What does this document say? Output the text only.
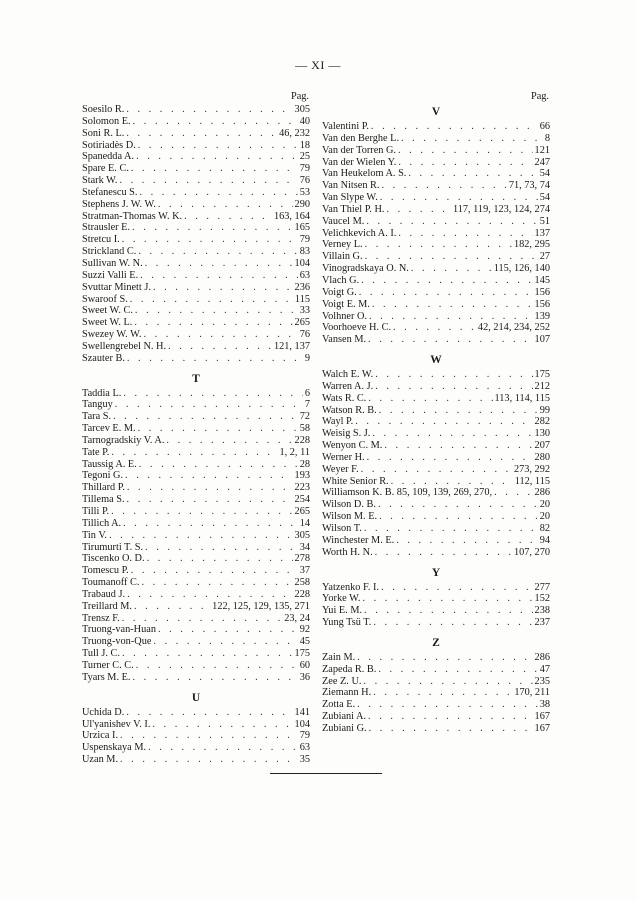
— XI —
Pag.
Soesilo R. . . .	305
Solomon E. . . .	40
Soni R. L. . . .	46, 232
Sotiriadès D. . . .	18
Spanedda A. . . .	25
Spare E. C. . . .	79
Stark W. . . .	76
Stefanescu S. . . .	53
Stephens J. W. W. . . .	290
Stratman-Thomas W. K. . . .	163, 164
Strausler E. . . .	165
Stretcu I. . . .	79
Strickland C. . . .	83
Sullivan W. N. . . .	104
Suzzi Valli E. . . .	63
Svuttar Minett J. . . .	236
Swaroof S. . . .	115
Sweet W. C. . . .	33
Sweet W. L. . . .	265
Swezey W. W. . . .	76
Swellengrebel N. H. . . .	121, 137
Szauter B. . . .	9
T
Taddia L. . . .	6
Tanguy . . .	7
Tara S. . . .	72
Tarcev E. M. . . .	58
Tarnogradskiy V. A. . . .	228
Tate P. . . .	1, 2, 11
Taussig A. E. . . .	28
Tegoni G. . . .	193
Thillard P. . . .	223
Tillema S. . . .	254
Tilli P. . . .	265
Tillich A. . . .	14
Tin V. . . .	305
Tirumurti T. S. . . .	34
Tiscenko O. D. . . .	278
Tomescu P. . . .	37
Toumanoff C. . . .	258
Trabaud J. . . .	228
Treillard M. . . .	122, 125, 129, 135, 271
Trensz F. . . .	23, 24
Truong-van-Huan . . .	92
Truong-von-Que . . .	45
Tull J. C. . . .	175
Turner C. C. . . .	60
Tyars M. E. . . .	36
U
Uchida D. . . .	141
Ul'yanishev V. I. . . .	104
Urzica I. . . .	79
Uspenskaya M. . . .	63
Uzan M. . . .	35
Pag.
V
Valentini P. . . .	66
Van den Berghe L. . . .	8
Van der Torren G. . . .	121
Van der Wielen Y. . . .	247
Van Heukelom A. S. . . .	54
Van Nitsen R. . . .	71, 73, 74
Van Slype W. . . .	54
Van Thiel P. H. . . .	117, 119, 123, 124, 274
Vaucel M. . . .	51
Velichkevich A. I. . . .	137
Verney L. . . .	182, 295
Villain G. . . .	27
Vinogradskaya O. N. . . .	115, 126, 140
Vlach G. . . .	145
Voigt G. . . .	156
Voigt E. M. . . .	156
Volhner O. . . .	139
Voorhoeve H. C. . . .	42, 214, 234, 252
Vansen M. . . .	107
W
Walch E. W. . . .	175
Warren A. J. . . .	212
Wats R. C. . . .	113, 114, 115
Watson R. B. . . .	99
Wayl P. . . .	282
Weisig S. J. . . .	130
Wenyon C. M. . . .	207
Werner H. . . .	280
Weyer F. . . .	273, 292
White Senior R. . . .	112, 115
Williamson K. B. 85, 109, 139, 269, 270, . . .	286
Wilson D. B. . . .	20
Wilson M. E. . . .	20
Wilson T. . . .	82
Winchester M. E. . . .	94
Worth H. N. . . .	107, 270
Y
Yatzenko F. I. . . .	277
Yorke W. . . .	152
Yui E. M. . . .	238
Yung Tsü T. . . .	237
Z
Zain M. . . .	286
Zapeda R. B. . . .	47
Zee Z. U. . . .	235
Ziemann H. . . .	170, 211
Zotta E. . . .	38
Zubiani A. . . .	167
Zubiani G. . . .	167
